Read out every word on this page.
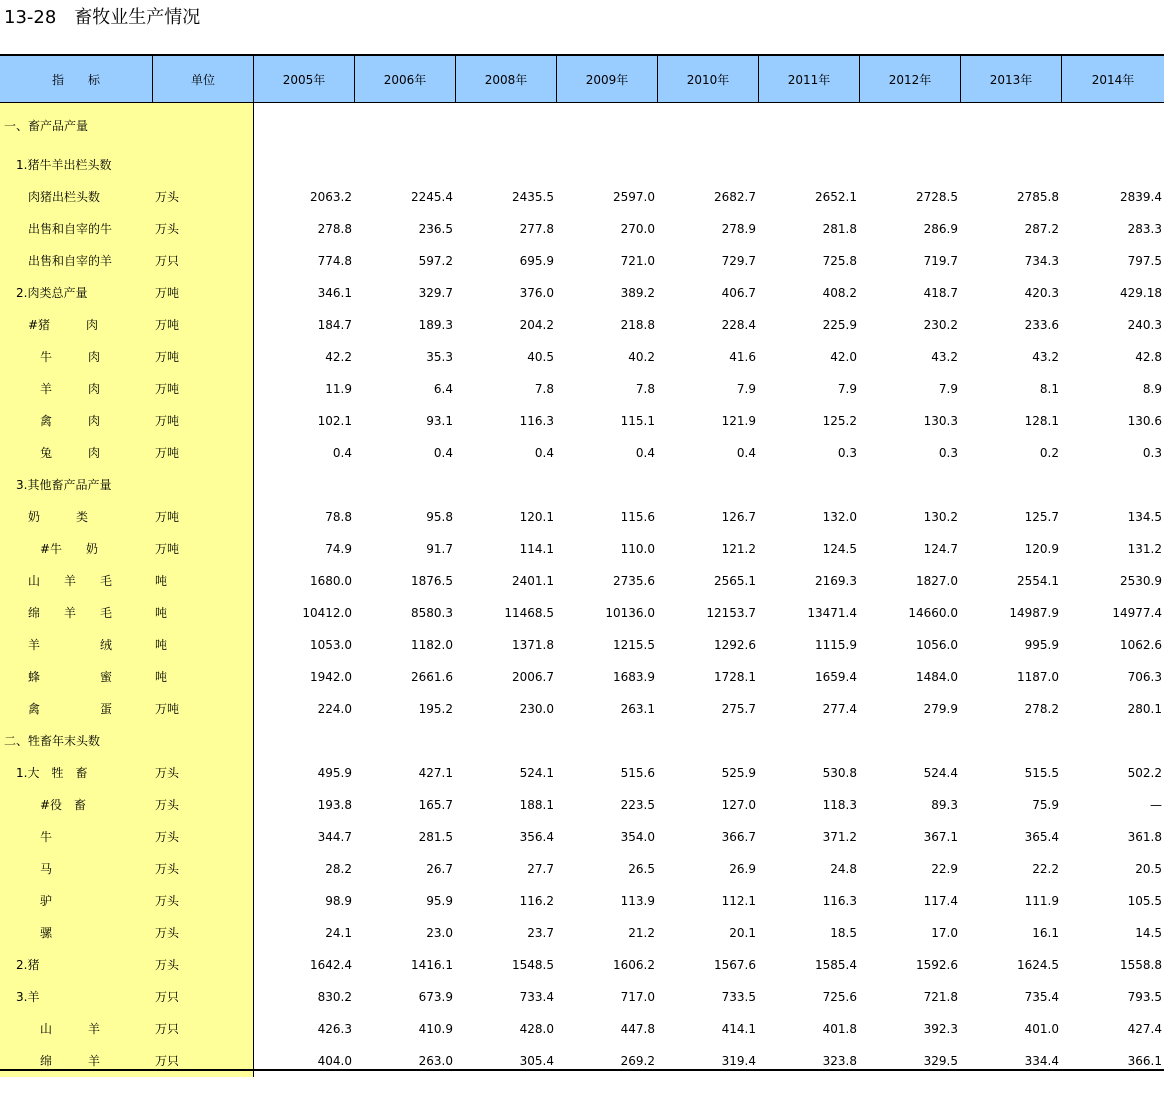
13-28　畜牧业生产情况
指　　标	单位	2005年	2006年	2008年	2009年	2010年	2011年	2012年	2013年	2014年
一、畜产品产量
　1.猪牛羊出栏头数
　　肉猪出栏头数	万头	2063.2	2245.4	2435.5	2597.0	2682.7	2652.1	2728.5	2785.8	2839.4
　　出售和自宰的牛	万头	278.8	236.5	277.8	270.0	278.9	281.8	286.9	287.2	283.3
　　出售和自宰的羊	万只	774.8	597.2	695.9	721.0	729.7	725.8	719.7	734.3	797.5
　2.肉类总产量	万吨	346.1	329.7	376.0	389.2	406.7	408.2	418.7	420.3	429.18
　　#猪　　　肉	万吨	184.7	189.3	204.2	218.8	228.4	225.9	230.2	233.6	240.3
　　　牛　　　肉	万吨	42.2	35.3	40.5	40.2	41.6	42.0	43.2	43.2	42.8
　　　羊　　　肉	万吨	11.9	6.4	7.8	7.8	7.9	7.9	7.9	8.1	8.9
　　　禽　　　肉	万吨	102.1	93.1	116.3	115.1	121.9	125.2	130.3	128.1	130.6
　　　兔　　　肉	万吨	0.4	0.4	0.4	0.4	0.4	0.3	0.3	0.2	0.3
　3.其他畜产品产量
　　奶　　　类	万吨	78.8	95.8	120.1	115.6	126.7	132.0	130.2	125.7	134.5
　　　#牛　　奶	万吨	74.9	91.7	114.1	110.0	121.2	124.5	124.7	120.9	131.2
　　山　　羊　　毛	吨	1680.0	1876.5	2401.1	2735.6	2565.1	2169.3	1827.0	2554.1	2530.9
　　绵　　羊　　毛	吨	10412.0	8580.3	11468.5	10136.0	12153.7	13471.4	14660.0	14987.9	14977.4
　　羊　　　　　绒	吨	1053.0	1182.0	1371.8	1215.5	1292.6	1115.9	1056.0	995.9	1062.6
　　蜂　　　　　蜜	吨	1942.0	2661.6	2006.7	1683.9	1728.1	1659.4	1484.0	1187.0	706.3
　　禽　　　　　蛋	万吨	224.0	195.2	230.0	263.1	275.7	277.4	279.9	278.2	280.1
二、牲畜年末头数
　1.大　牲　畜	万头	495.9	427.1	524.1	515.6	525.9	530.8	524.4	515.5	502.2
　　　#役　畜	万头	193.8	165.7	188.1	223.5	127.0	118.3	89.3	75.9	—
　　　牛	万头	344.7	281.5	356.4	354.0	366.7	371.2	367.1	365.4	361.8
　　　马	万头	28.2	26.7	27.7	26.5	26.9	24.8	22.9	22.2	20.5
　　　驴	万头	98.9	95.9	116.2	113.9	112.1	116.3	117.4	111.9	105.5
　　　骡	万头	24.1	23.0	23.7	21.2	20.1	18.5	17.0	16.1	14.5
　2.猪	万头	1642.4	1416.1	1548.5	1606.2	1567.6	1585.4	1592.6	1624.5	1558.8
　3.羊	万只	830.2	673.9	733.4	717.0	733.5	725.6	721.8	735.4	793.5
　　　山　　　羊	万只	426.3	410.9	428.0	447.8	414.1	401.8	392.3	401.0	427.4
　　　绵　　　羊	万只	404.0	263.0	305.4	269.2	319.4	323.8	329.5	334.4	366.1
